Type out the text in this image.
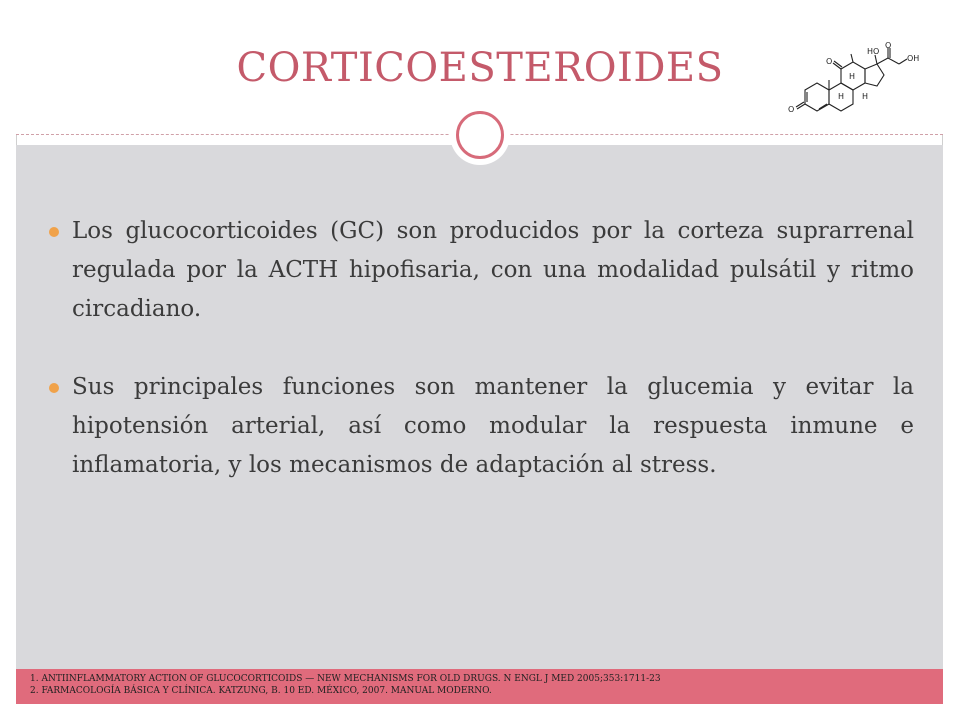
CORTICOESTEROIDES	HO
O
OH
O
O
H
H H
Los glucocorticoides (GC) son producidos por la corteza suprarrenal regulada por la ACTH hipofisaria, con una modalidad pulsátil y ritmo circadiano.
Sus principales funciones son mantener la glucemia y evitar la hipotensión arterial, así como modular la respuesta inmune e inflamatoria, y los mecanismos de adaptación al stress.
1. ANTIINFLAMMATORY ACTION OF GLUCOCORTICOIDS — NEW MECHANISMS FOR OLD DRUGS. N ENGL J MED 2005;353:1711-23
2. FARMACOLOGÍA BÁSICA Y CLÍNICA. KATZUNG, B. 10 ED. MÉXICO, 2007. MANUAL MODERNO.
